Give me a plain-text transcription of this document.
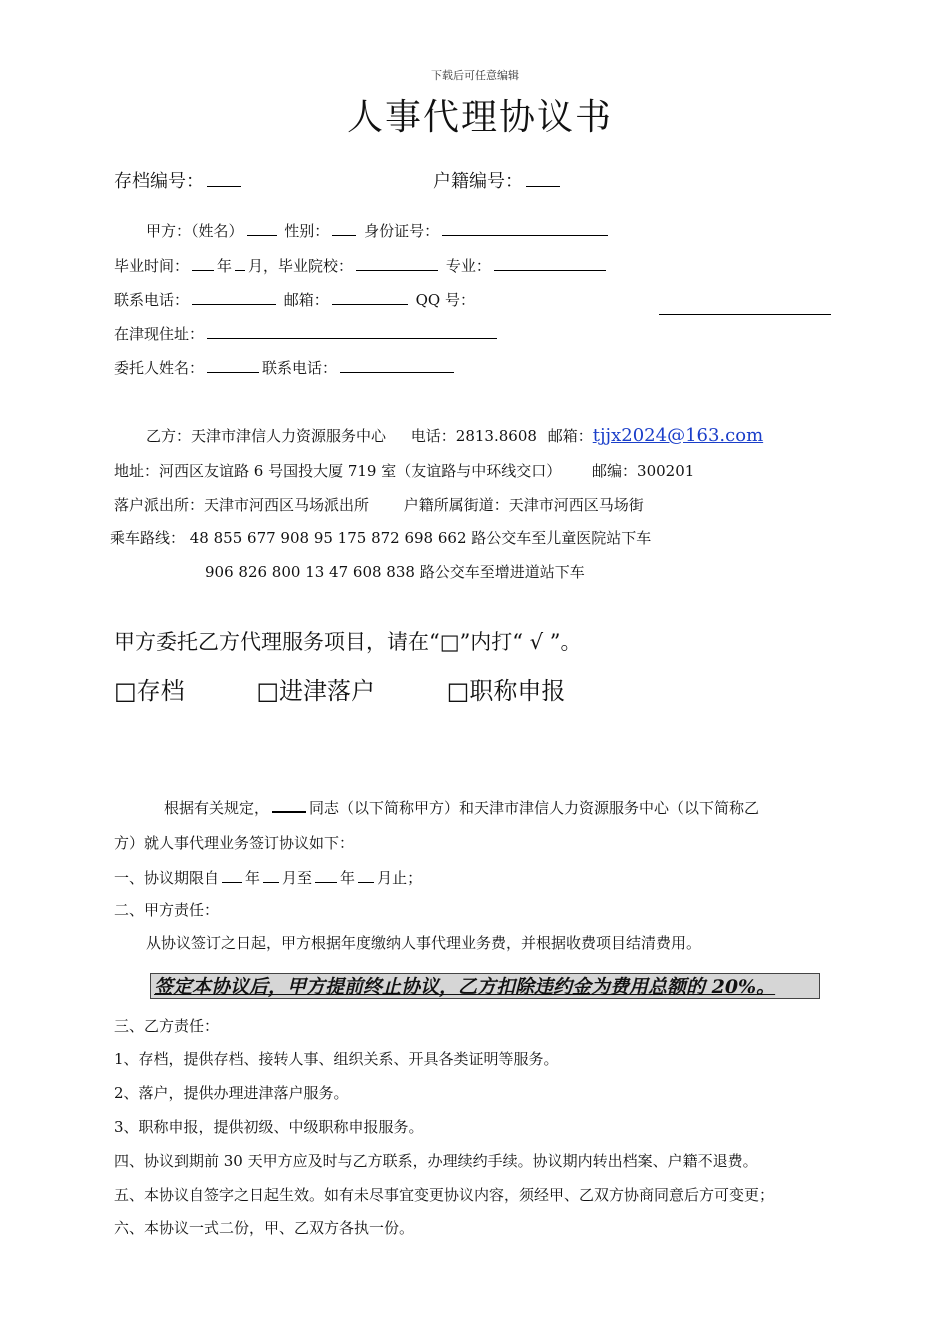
下载后可任意编辑
人事代理协议书
存档编号：	户籍编号：
甲方：（姓名）	性别： 身份证号：
毕业时间： 年 月，毕业院校：	专业：
联系电话：	邮箱：	QQ 号：
在津现住址：
委托人姓名：	联系电话：
乙方：天津市津信人力资源服务中心 电话：2813.8608 邮箱：tjjx2024@163.com
地址：河西区友谊路 6 号国投大厦 719 室（友谊路与中环线交口） 邮编：300201
落户派出所：天津市河西区马场派出所 户籍所属街道：天津市河西区马场街
乘车路线： 48 855 677 908 95 175 872 698 662 路公交车至儿童医院站下车
906 826 800 13 47 608 838 路公交车至增进道站下车
甲方委托乙方代理服务项目，请在“□”内打“ √ ”。
□存档	□进津落户	□职称申报
根据有关规定，	同志（以下简称甲方）和天津市津信人力资源服务中心（以下简称乙
方）就人事代理业务签订协议如下：
一、协议期限自 年 月至 年 月止；
二、甲方责任：
从协议签订之日起，甲方根据年度缴纳人事代理业务费，并根据收费项目结清费用。
签定本协议后，甲方提前终止协议，乙方扣除违约金为费用总额的 20%。
三、乙方责任：
1、存档，提供存档、接转人事、组织关系、开具各类证明等服务。
2、落户，提供办理进津落户服务。
3、职称申报，提供初级、中级职称申报服务。
四、协议到期前 30 天甲方应及时与乙方联系，办理续约手续。协议期内转出档案、户籍不退费。
五、本协议自签字之日起生效。如有未尽事宜变更协议内容，须经甲、乙双方协商同意后方可变更；
六、本协议一式二份，甲、乙双方各执一份。
